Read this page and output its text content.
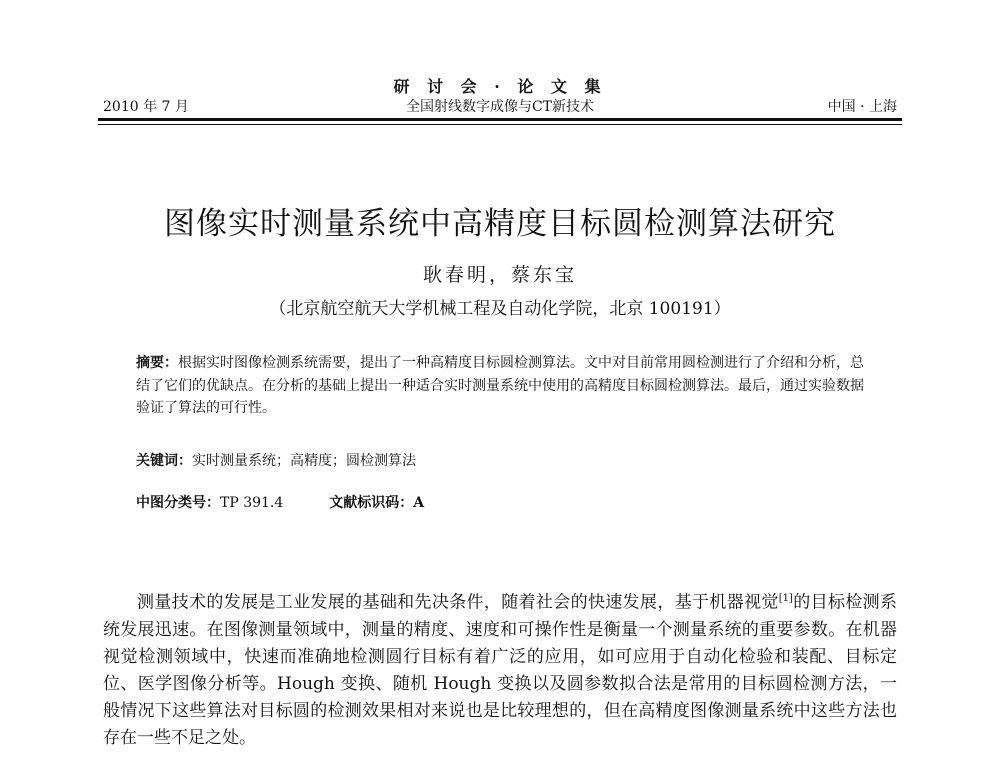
研 讨 会 · 论 文 集
全国射线数字成像与CT新技术
2010 年 7 月	中国 · 上海
图像实时测量系统中高精度目标圆检测算法研究
耿春明，蔡东宝
（北京航空航天大学机械工程及自动化学院，北京 100191）
摘要：根据实时图像检测系统需要，提出了一种高精度目标圆检测算法。文中对目前常用圆检测进行了介绍和分析，总结了它们的优缺点。在分析的基础上提出一种适合实时测量系统中使用的高精度目标圆检测算法。最后，通过实验数据验证了算法的可行性。
关键词：实时测量系统；高精度；圆检测算法
中图分类号：TP 391.4	文献标识码：A
测量技术的发展是工业发展的基础和先决条件，随着社会的快速发展，基于机器视觉[1]的目标检测系统发展迅速。在图像测量领域中，测量的精度、速度和可操作性是衡量一个测量系统的重要参数。在机器视觉检测领域中，快速而准确地检测圆行目标有着广泛的应用，如可应用于自动化检验和装配、目标定位、医学图像分析等。Hough 变换、随机 Hough 变换以及圆参数拟合法是常用的目标圆检测方法，一般情况下这些算法对目标圆的检测效果相对来说也是比较理想的，但在高精度图像测量系统中这些方法也存在一些不足之处。
